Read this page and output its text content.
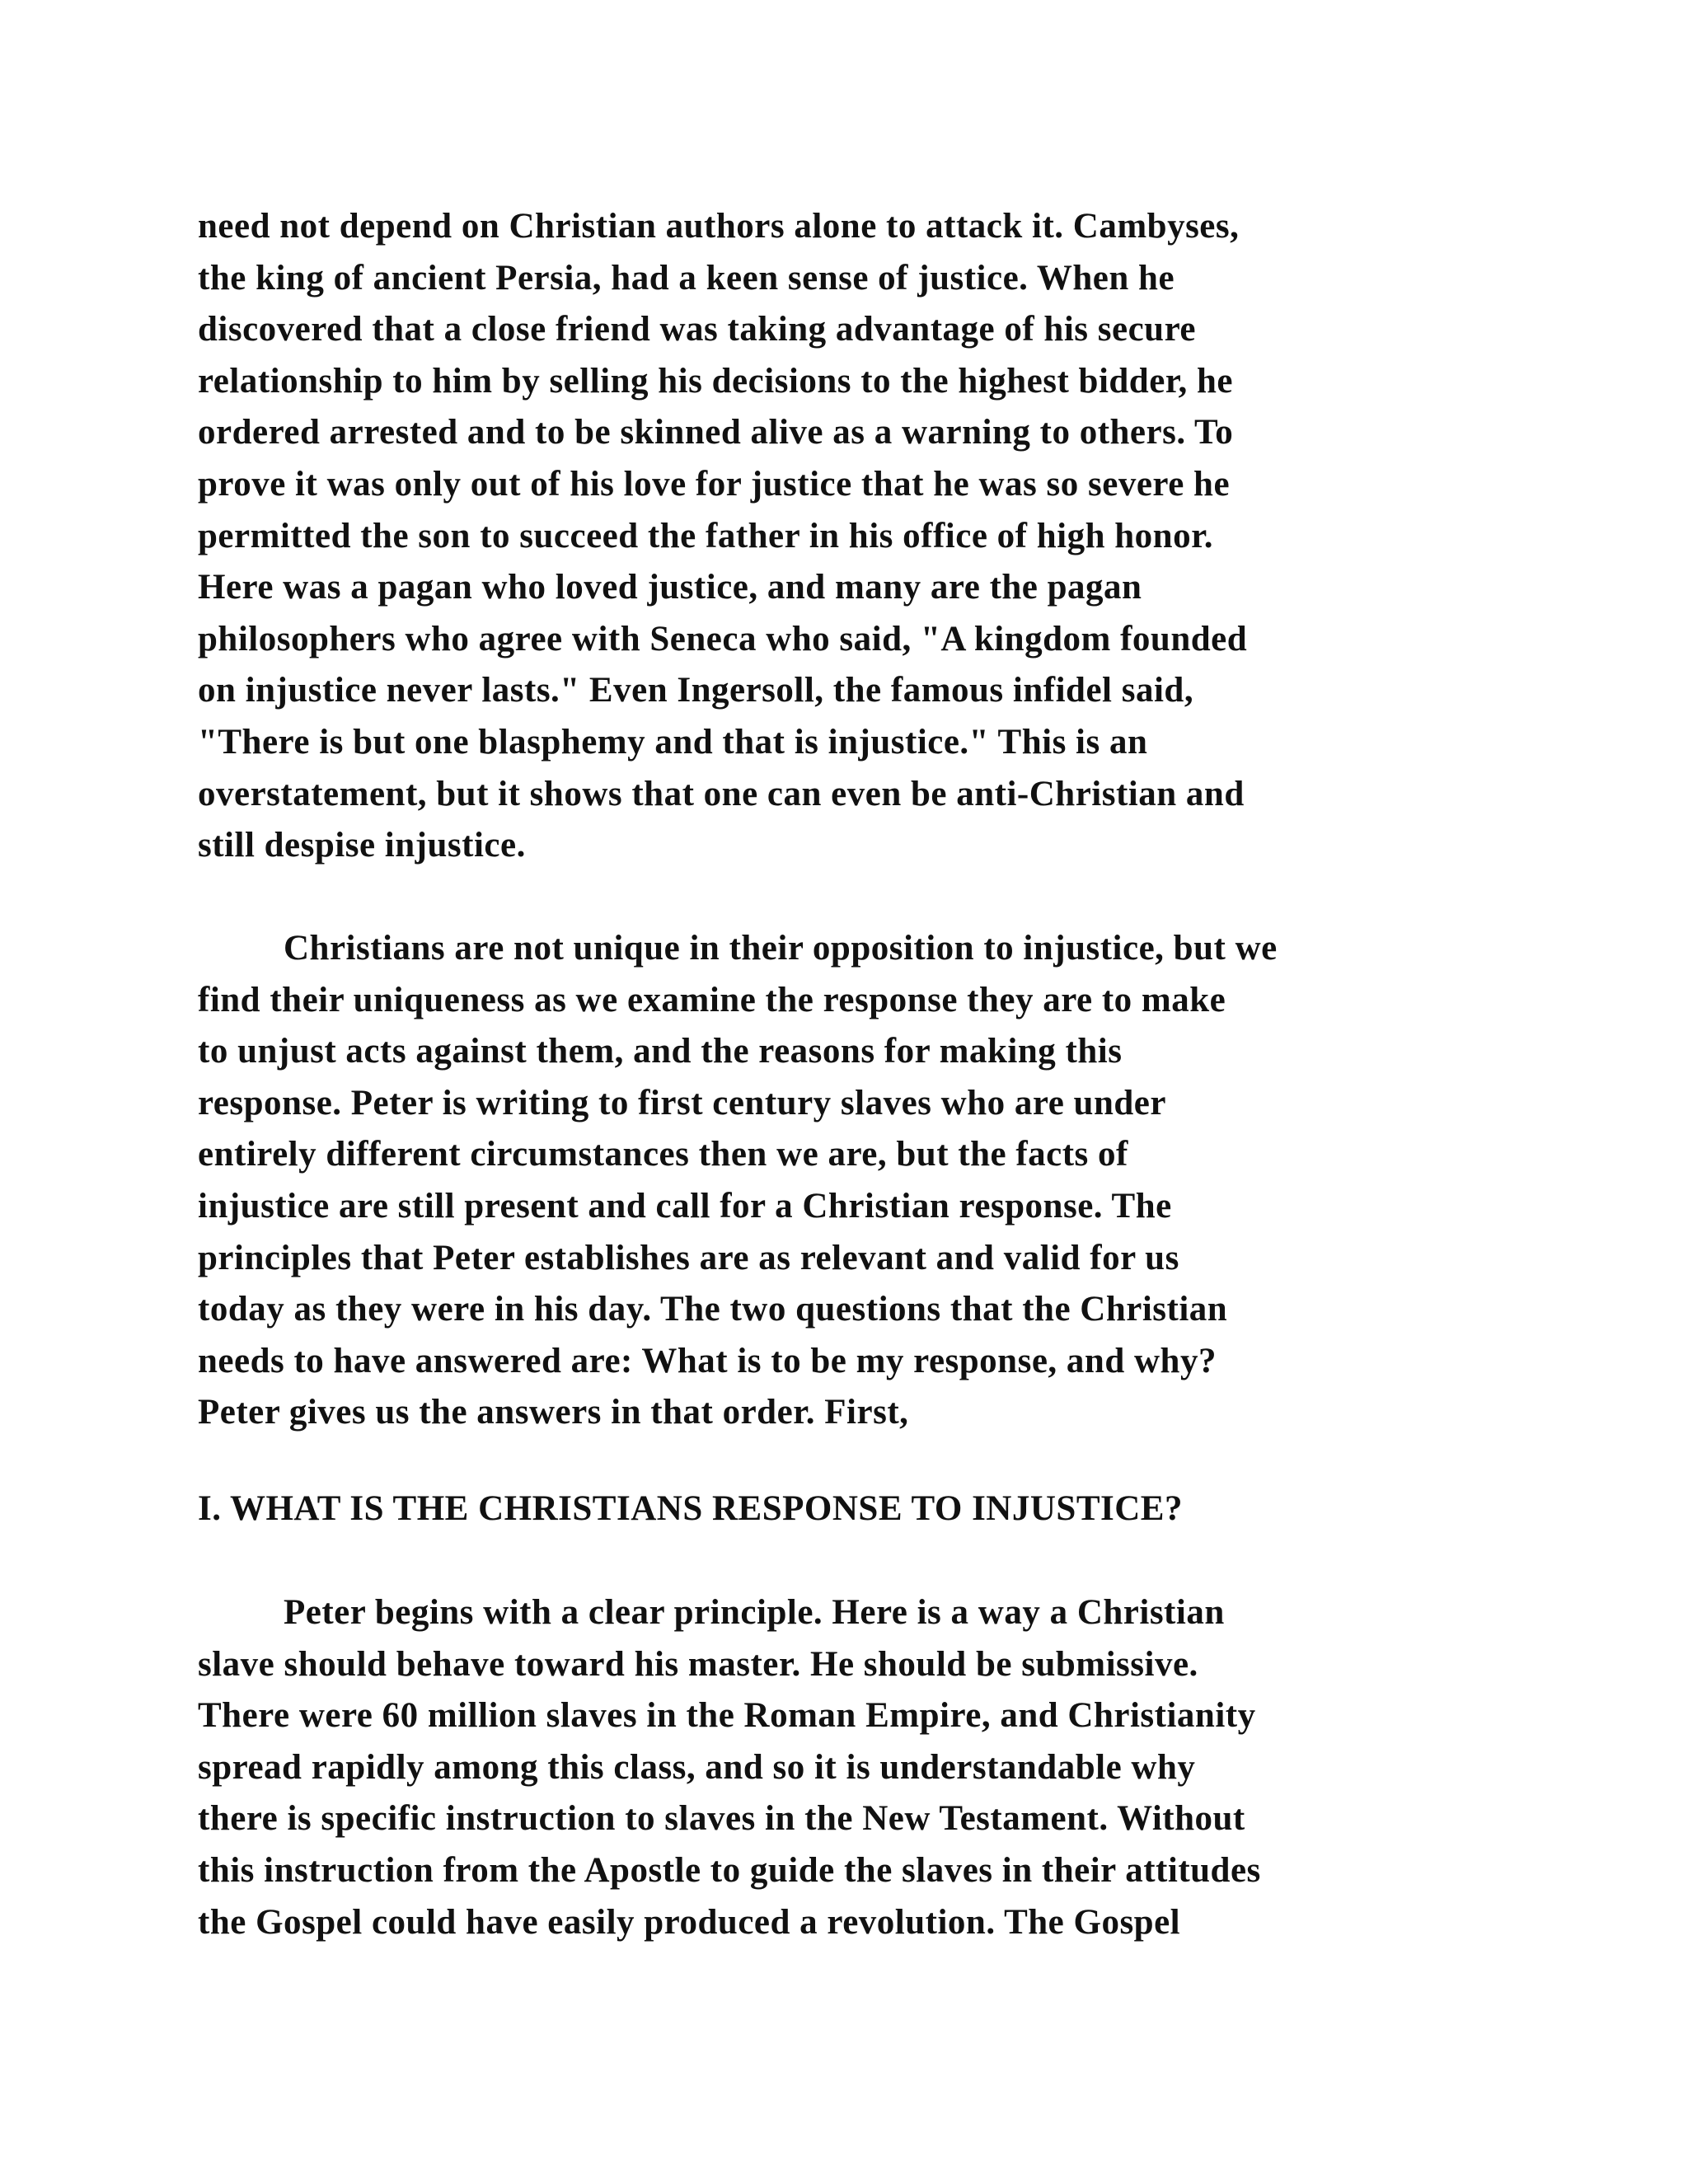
need not depend on Christian authors alone to attack it. Cambyses,
the king of ancient Persia, had a keen sense of justice. When he
discovered that a close friend was taking advantage of his secure
relationship to him by selling his decisions to the highest bidder, he
ordered arrested and to be skinned alive as a warning to others. To
prove it was only out of his love for justice that he was so severe he
permitted the son to succeed the father in his office of high honor.
Here was a pagan who loved justice, and many are the pagan
philosophers who agree with Seneca who said, "A kingdom founded
on injustice never lasts." Even Ingersoll, the famous infidel said,
"There is but one blasphemy and that is injustice." This is an
overstatement, but it shows that one can even be anti-Christian and
still despise injustice.
Christians are not unique in their opposition to injustice, but we
find their uniqueness as we examine the response they are to make
to unjust acts against them, and the reasons for making this
response. Peter is writing to first century slaves who are under
entirely different circumstances then we are, but the facts of
injustice are still present and call for a Christian response. The
principles that Peter establishes are as relevant and valid for us
today as they were in his day. The two questions that the Christian
needs to have answered are: What is to be my response, and why?
Peter gives us the answers in that order. First,
I. WHAT IS THE CHRISTIANS RESPONSE TO INJUSTICE?
Peter begins with a clear principle. Here is a way a Christian
slave should behave toward his master. He should be submissive.
There were 60 million slaves in the Roman Empire, and Christianity
spread rapidly among this class, and so it is understandable why
there is specific instruction to slaves in the New Testament. Without
this instruction from the Apostle to guide the slaves in their attitudes
the Gospel could have easily produced a revolution. The Gospel
